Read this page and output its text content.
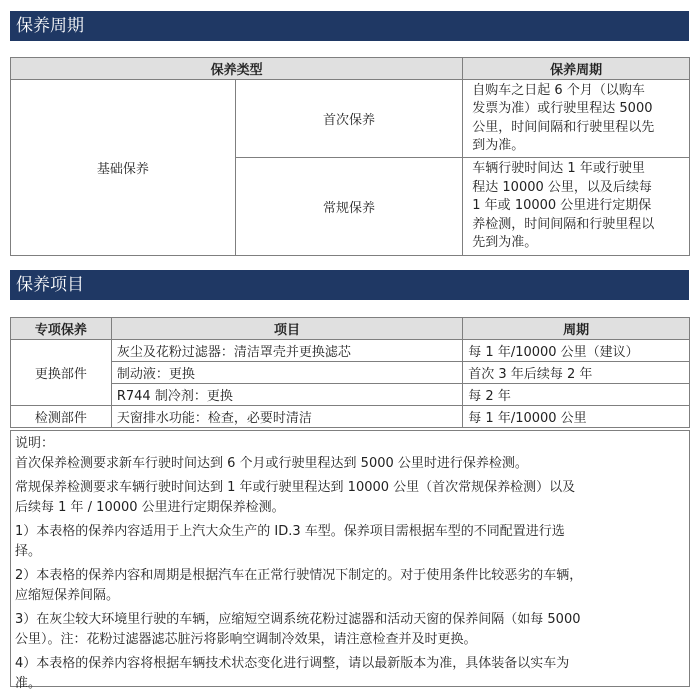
保养周期
保养类型		保养周期
基础保养	首次保养	自购车之日起 6 个月（以购车
发票为准）或行驶里程达 5000
公里，时间间隔和行驶里程以先
到为准。

	常规保养	车辆行驶时间达 1 年或行驶里
程达 10000 公里，以及后续每
1 年或 10000 公里进行定期保
养检测，时间间隔和行驶里程以
先到为准。
保养项目
专项保养	项目	周期
更换部件	灰尘及花粉过滤器：清洁罩壳并更换滤芯	每 1 年/10000 公里（建议）
	制动液：更换	首次 3 年后续每 2 年
	R744 制冷剂：更换	每 2 年
检测部件	天窗排水功能：检查，必要时清洁	每 1 年/10000 公里
说明：
首次保养检测要求新车行驶时间达到 6 个月或行驶里程达到 5000 公里时进行保养检测。
常规保养检测要求车辆行驶时间达到 1 年或行驶里程达到 10000 公里（首次常规保养检测）以及
后续每 1 年 / 10000 公里进行定期保养检测。
1）本表格的保养内容适用于上汽大众生产的 ID.3 车型。保养项目需根据车型的不同配置进行选
择。
2）本表格的保养内容和周期是根据汽车在正常行驶情况下制定的。对于使用条件比较恶劣的车辆，
应缩短保养间隔。
3）在灰尘较大环境里行驶的车辆，应缩短空调系统花粉过滤器和活动天窗的保养间隔（如每 5000
公里）。注：花粉过滤器滤芯脏污将影响空调制冷效果，请注意检查并及时更换。
4）本表格的保养内容将根据车辆技术状态变化进行调整，请以最新版本为准，具体装备以实车为
准。
